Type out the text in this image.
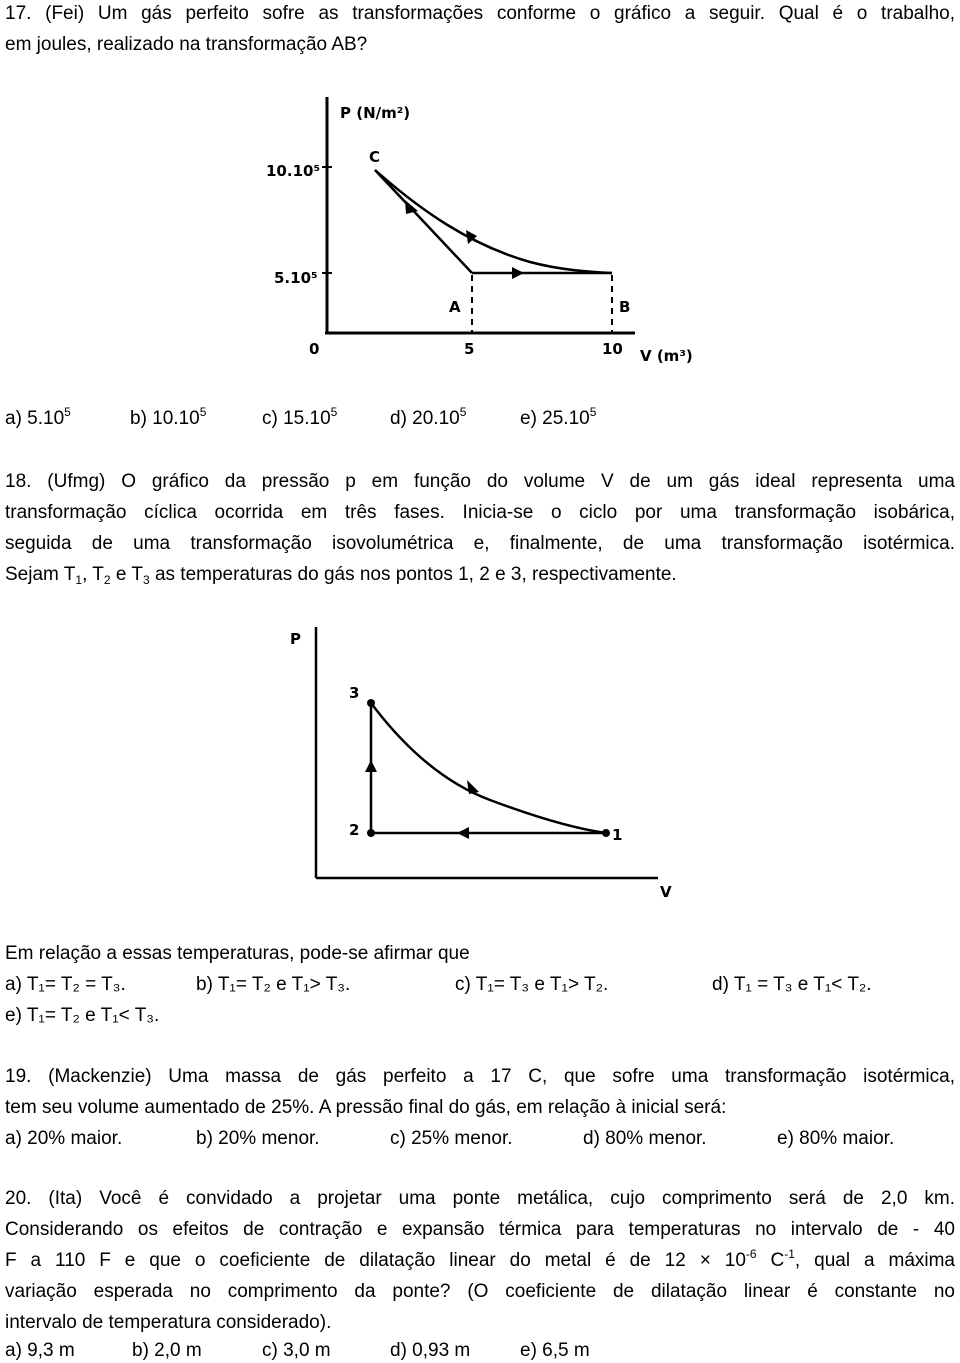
17. (Fei) Um gás perfeito sofre as transformações conforme o gráfico a seguir. Qual é o trabalho,
em joules, realizado na transformação AB?
P (N/m²)
V (m³)
0
10.10⁵
5.10⁵
5	10
C
A	B
a) 5.10$^5$	b) 10.10$^5$	c) 15.10$^5$	d) 20.10$^5$	e) 25.10$^5$
18. (Ufmg) O gráfico da pressão p em função do volume V de um gás ideal representa uma
transformação cíclica ocorrida em três fases. Inicia-se o ciclo por uma transformação isobárica,
seguida de uma transformação isovolumétrica e, finalmente, de uma transformação isotérmica.
Sejam $T_1$, $T_2$ e $T_3$ as temperaturas do gás nos pontos 1, 2 e 3, respectivamente.
P
V
3
2	1
Em relação a essas temperaturas, pode-se afirmar que
a) T₁= T₂ = T₃.	b) T₁= T₂ e T₁> T₃.	c) T₁= T₃ e T₁> T₂.	d) T₁ = T₃ e T₁< T₂.
e) T₁= T₂ e T₁< T₃.
19. (Mackenzie) Uma massa de gás perfeito a 17 C, que sofre uma transformação isotérmica,
tem seu volume aumentado de 25%. A pressão final do gás, em relação à inicial será:
a) 20% maior.	b) 20% menor.	c) 25% menor.	d) 80% menor.	e) 80% maior.
20. (Ita) Você é convidado a projetar uma ponte metálica, cujo comprimento será de 2,0 km.
Considerando os efeitos de contração e expansão térmica para temperaturas no intervalo de - 40
F a 110 F e que o coeficiente de dilatação linear do metal é de $12 \times 10^{-6}$ $C^{-1}$, qual a máxima
variação esperada no comprimento da ponte? (O coeficiente de dilatação linear é constante no
intervalo de temperatura considerado).
a) 9,3 m	b) 2,0 m	c) 3,0 m	d) 0,93 m	e) 6,5 m
